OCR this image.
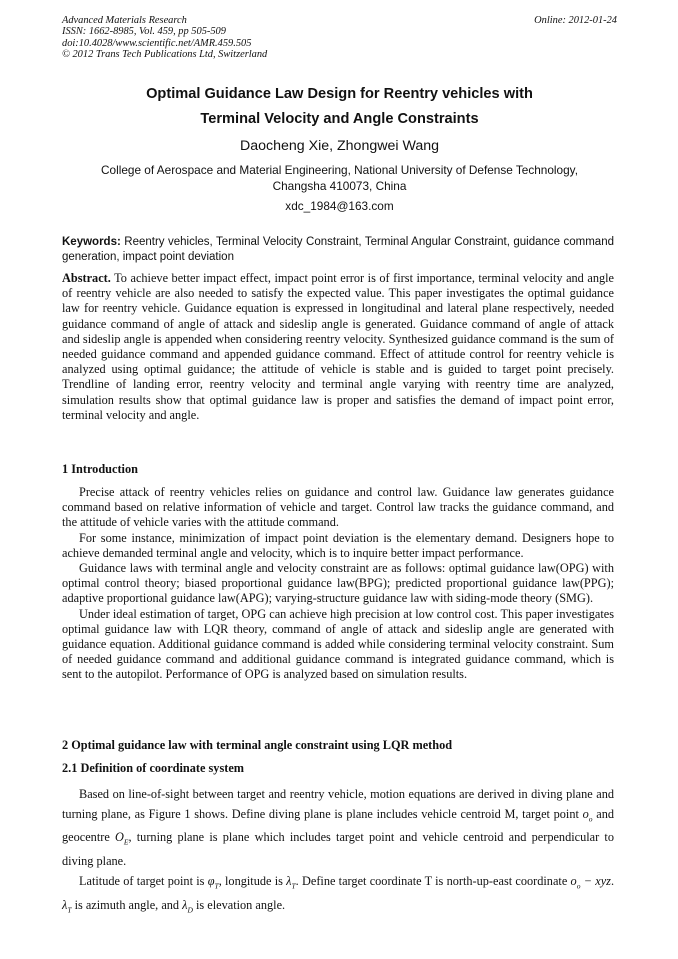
Advanced Materials Research
ISSN: 1662-8985, Vol. 459, pp 505-509
doi:10.4028/www.scientific.net/AMR.459.505
© 2012 Trans Tech Publications Ltd, Switzerland
Online: 2012-01-24
Optimal Guidance Law Design for Reentry vehicles with
Terminal Velocity and Angle Constraints
Daocheng Xie, Zhongwei Wang
College of Aerospace and Material Engineering, National University of Defense Technology,
Changsha 410073, China
xdc_1984@163.com
Keywords: Reentry vehicles, Terminal Velocity Constraint, Terminal Angular Constraint, guidance command generation, impact point deviation
Abstract. To achieve better impact effect, impact point error is of first importance, terminal velocity and angle of reentry vehicle are also needed to satisfy the expected value. This paper investigates the optimal guidance law for reentry vehicle. Guidance equation is expressed in longitudinal and lateral plane respectively, needed guidance command of angle of attack and sideslip angle is generated. Guidance command of angle of attack and sideslip angle is appended when considering reentry velocity. Synthesized guidance command is the sum of needed guidance command and appended guidance command. Effect of attitude control for reentry vehicle is analyzed using optimal guidance; the attitude of vehicle is stable and is guided to target point precisely. Trendline of landing error, reentry velocity and terminal angle varying with reentry time are analyzed, simulation results show that optimal guidance law is proper and satisfies the demand of impact point error, terminal velocity and angle.
1 Introduction

Precise attack of reentry vehicles relies on guidance and control law. Guidance law generates guidance command based on relative information of vehicle and target. Control law tracks the guidance command, and the attitude of vehicle varies with the attitude command.

For some instance, minimization of impact point deviation is the elementary demand. Designers hope to achieve demanded terminal angle and velocity, which is to inquire better impact performance.

Guidance laws with terminal angle and velocity constraint are as follows: optimal guidance law(OPG) with optimal control theory; biased proportional guidance law(BPG); predicted proportional guidance law(PPG); adaptive proportional guidance law(APG); varying-structure guidance law with siding-mode theory (SMG).

Under ideal estimation of target, OPG can achieve high precision at low control cost. This paper investigates optimal guidance law with LQR theory, command of angle of attack and sideslip angle are generated with guidance equation. Additional guidance command is added while considering terminal velocity constraint. Sum of needed guidance command and additional guidance command is integrated guidance command, which is sent to the autopilot. Performance of OPG is analyzed based on simulation results.

2 Optimal guidance law with terminal angle constraint using LQR method
2.1 Definition of coordinate system

Based on line-of-sight between target and reentry vehicle, motion equations are derived in diving plane and turning plane, as Figure 1 shows. Define diving plane is plane includes vehicle centroid M, target point $o_o$ and geocentre $O_E$, turning plane is plane which includes target point and vehicle centroid and perpendicular to diving plane.

Latitude of target point is $\varphi_T$, longitude is $\lambda_T$. Define target coordinate T is north-up-east coordinate $o_o$ − xyz. $\lambda_T$ is azimuth angle, and $\lambda_D$ is elevation angle.
